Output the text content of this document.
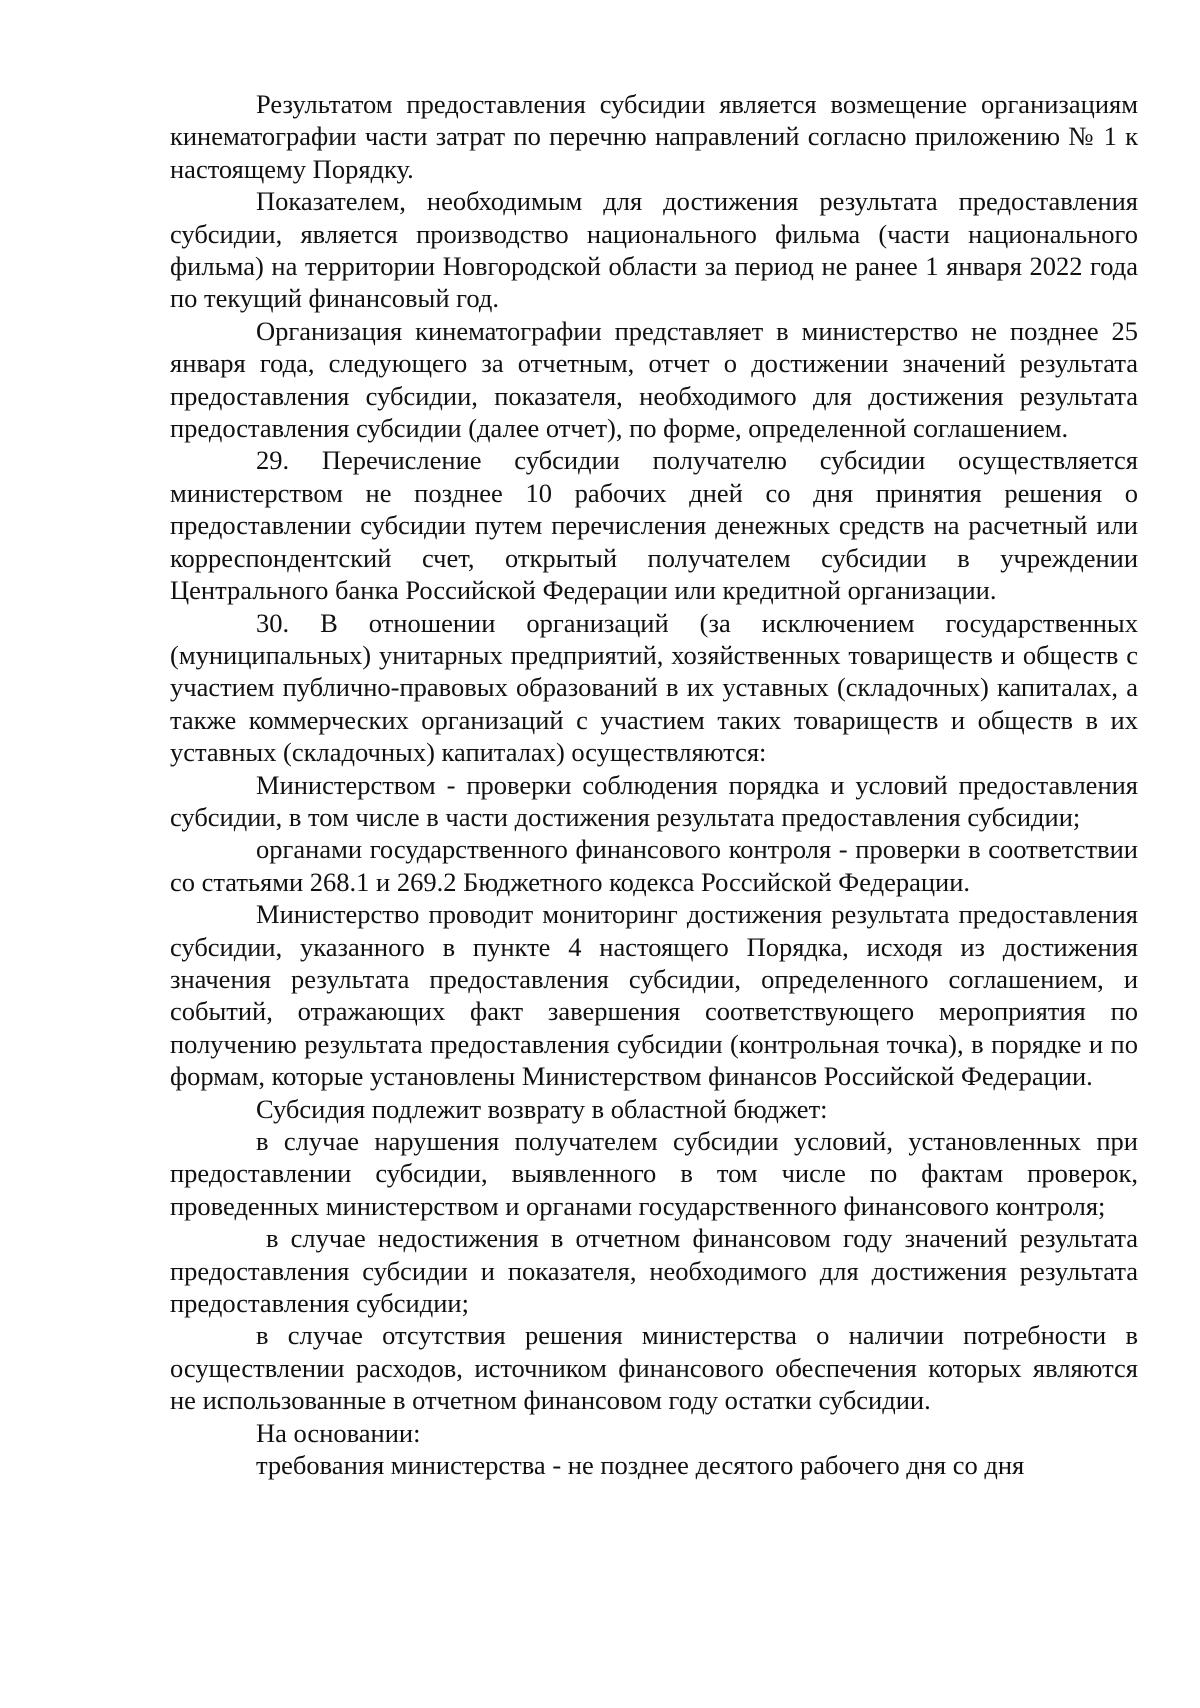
Результатом предоставления субсидии является возмещение организациям кинематографии части затрат по перечню направлений согласно приложению № 1 к настоящему Порядку.

Показателем, необходимым для достижения результата предоставления субсидии, является производство национального фильма (части национального фильма) на территории Новгородской области за период не ранее 1 января 2022 года по текущий финансовый год.

Организация кинематографии представляет в министерство не позднее 25 января года, следующего за отчетным, отчет о достижении значений результата предоставления субсидии, показателя, необходимого для достижения результата предоставления субсидии (далее отчет), по форме, определенной соглашением.

29. Перечисление субсидии получателю субсидии осуществляется министерством не позднее 10 рабочих дней со дня принятия решения о предоставлении субсидии путем перечисления денежных средств на расчетный или корреспондентский счет, открытый получателем субсидии в учреждении Центрального банка Российской Федерации или кредитной организации.

30. В отношении организаций (за исключением государственных (муниципальных) унитарных предприятий, хозяйственных товариществ и обществ с участием публично-правовых образований в их уставных (складочных) капиталах, а также коммерческих организаций с участием таких товариществ и обществ в их уставных (складочных) капиталах) осуществляются:

Министерством - проверки соблюдения порядка и условий предоставления субсидии, в том числе в части достижения результата предоставления субсидии;

органами государственного финансового контроля - проверки в соответствии со статьями 268.1 и 269.2 Бюджетного кодекса Российской Федерации.

Министерство проводит мониторинг достижения результата предоставления субсидии, указанного в пункте 4 настоящего Порядка, исходя из достижения значения результата предоставления субсидии, определенного соглашением, и событий, отражающих факт завершения соответствующего мероприятия по получению результата предоставления субсидии (контрольная точка), в порядке и по формам, которые установлены Министерством финансов Российской Федерации.

Субсидия подлежит возврату в областной бюджет:

в случае нарушения получателем субсидии условий, установленных при предоставлении субсидии, выявленного в том числе по фактам проверок, проведенных министерством и органами государственного финансового контроля;

в случае недостижения в отчетном финансовом году значений результата предоставления субсидии и показателя, необходимого для достижения результата предоставления субсидии;

в случае отсутствия решения министерства о наличии потребности в осуществлении расходов, источником финансового обеспечения которых являются не использованные в отчетном финансовом году остатки субсидии.

На основании:

требования министерства - не позднее десятого рабочего дня со дня
